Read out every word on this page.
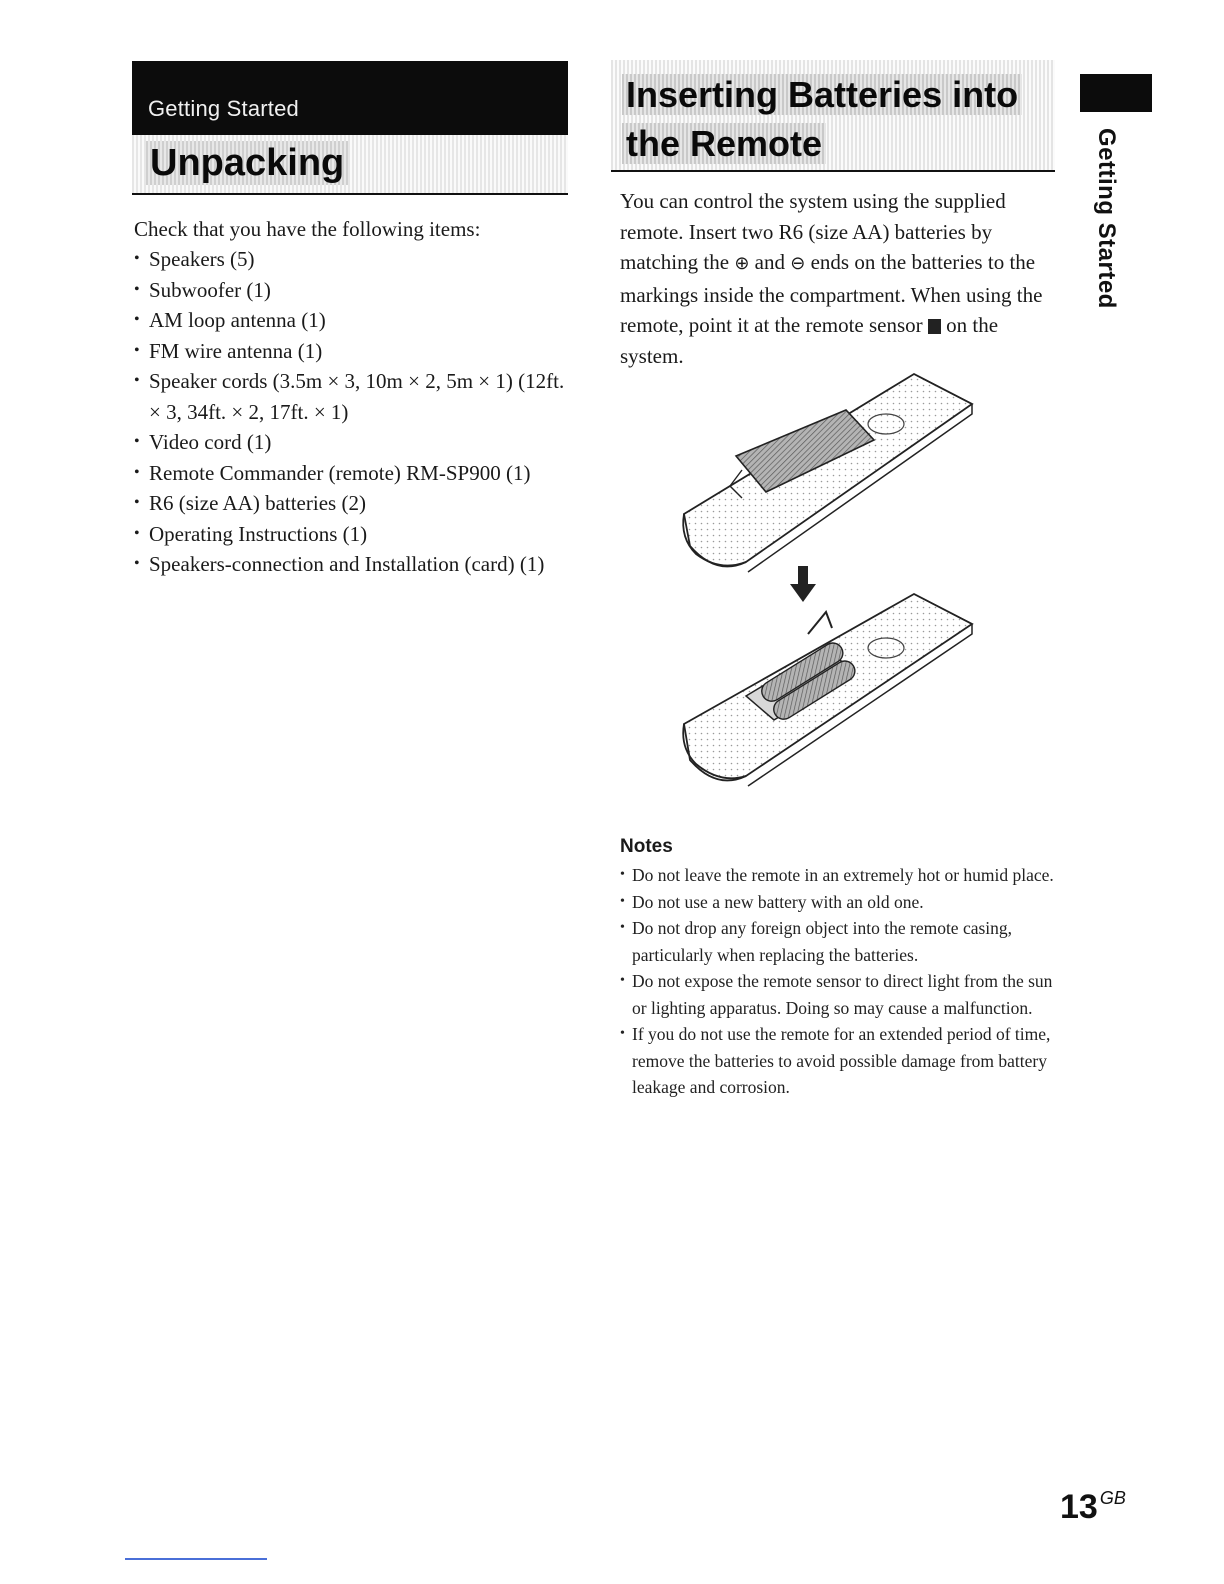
Getting Started
Unpacking
Inserting Batteries into
the Remote
Check that you have the following items:
• Speakers (5)
• Subwoofer (1)
• AM loop antenna (1)
• FM wire antenna (1)
• Speaker cords (3.5m × 3, 10m × 2, 5m × 1) (12ft. × 3, 34ft. × 2, 17ft. × 1)
• Video cord (1)
• Remote Commander (remote) RM-SP900 (1)
• R6 (size AA) batteries (2)
• Operating Instructions (1)
• Speakers-connection and Installation (card) (1)
You can control the system using the supplied remote. Insert two R6 (size AA) batteries by matching the ⊕ and ⊖ ends on the batteries to the markings inside the compartment. When using the remote, point it at the remote sensor on the system.
Notes
• Do not leave the remote in an extremely hot or humid place.
• Do not use a new battery with an old one.
• Do not drop any foreign object into the remote casing, particularly when replacing the batteries.
• Do not expose the remote sensor to direct light from the sun or lighting apparatus. Doing so may cause a malfunction.
• If you do not use the remote for an extended period of time, remove the batteries to avoid possible damage from battery leakage and corrosion.
Getting Started
13 $^{GB}$
